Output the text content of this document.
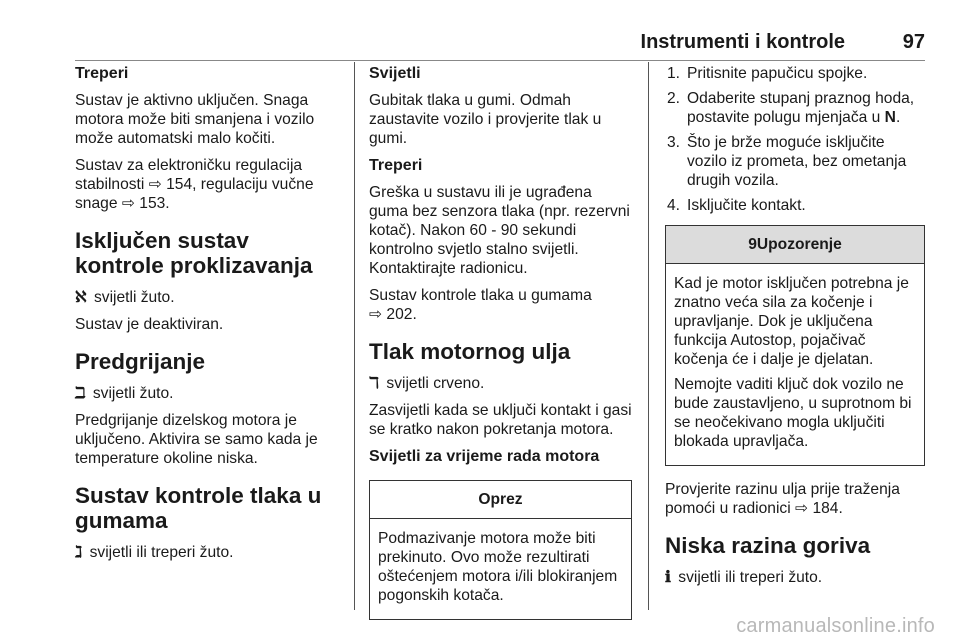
Instrumenti i kontrole	97
Treperi

Sustav je aktivno uključen. Snaga motora može biti smanjena i vozilo može automatski malo kočiti.

Sustav za elektroničku regulacija stabilnosti ⇨ 154, regulaciju vučne snage ⇨ 153.

Isključen sustav kontrole proklizavanja

ℵ svijetli žuto.

Sustav je deaktiviran.

Predgrijanje

ℶ svijetli žuto.

Predgrijanje dizelskog motora je uključeno. Aktivira se samo kada je temperature okoline niska.

Sustav kontrole tlaka u gumama

ℷ svijetli ili treperi žuto.

Svijetli

Gubitak tlaka u gumi. Odmah zaustavite vozilo i provjerite tlak u gumi.

Treperi

Greška u sustavu ili je ugrađena guma bez senzora tlaka (npr. rezervni kotač). Nakon 60 - 90 sekundi kontrolno svjetlo stalno svijetli. Kontaktirajte radionicu.

Sustav kontrole tlaka u gumama
⇨ 202.

Tlak motornog ulja

ℸ svijetli crveno.

Zasvijetli kada se uključi kontakt i gasi se kratko nakon pokretanja motora.

Svijetli za vrijeme rada motora
Oprez

Podmazivanje motora može biti prekinuto. Ovo može rezultirati oštećenjem motora i/ili blokiranjem pogonskih kotača.

1. Pritisnite papučicu spojke.
2. Odaberite stupanj praznog hoda, postavite polugu mjenjača u N.
3. Što je brže moguće isključite vozilo iz prometa, bez ometanja drugih vozila.
4. Isključite kontakt.
9Upozorenje

Kad je motor isključen potrebna je znatno veća sila za kočenje i upravljanje. Dok je uključena funkcija Autostop, pojačivač kočenja će i dalje je djelatan.

Nemojte vaditi ključ dok vozilo ne bude zaustavljeno, u suprotnom bi se neočekivano mogla uključiti blokada upravljača.

Provjerite razinu ulja prije traženja pomoći u radionici ⇨ 184.

Niska razina goriva

ℹ svijetli ili treperi žuto.

carmanualsonline.info
